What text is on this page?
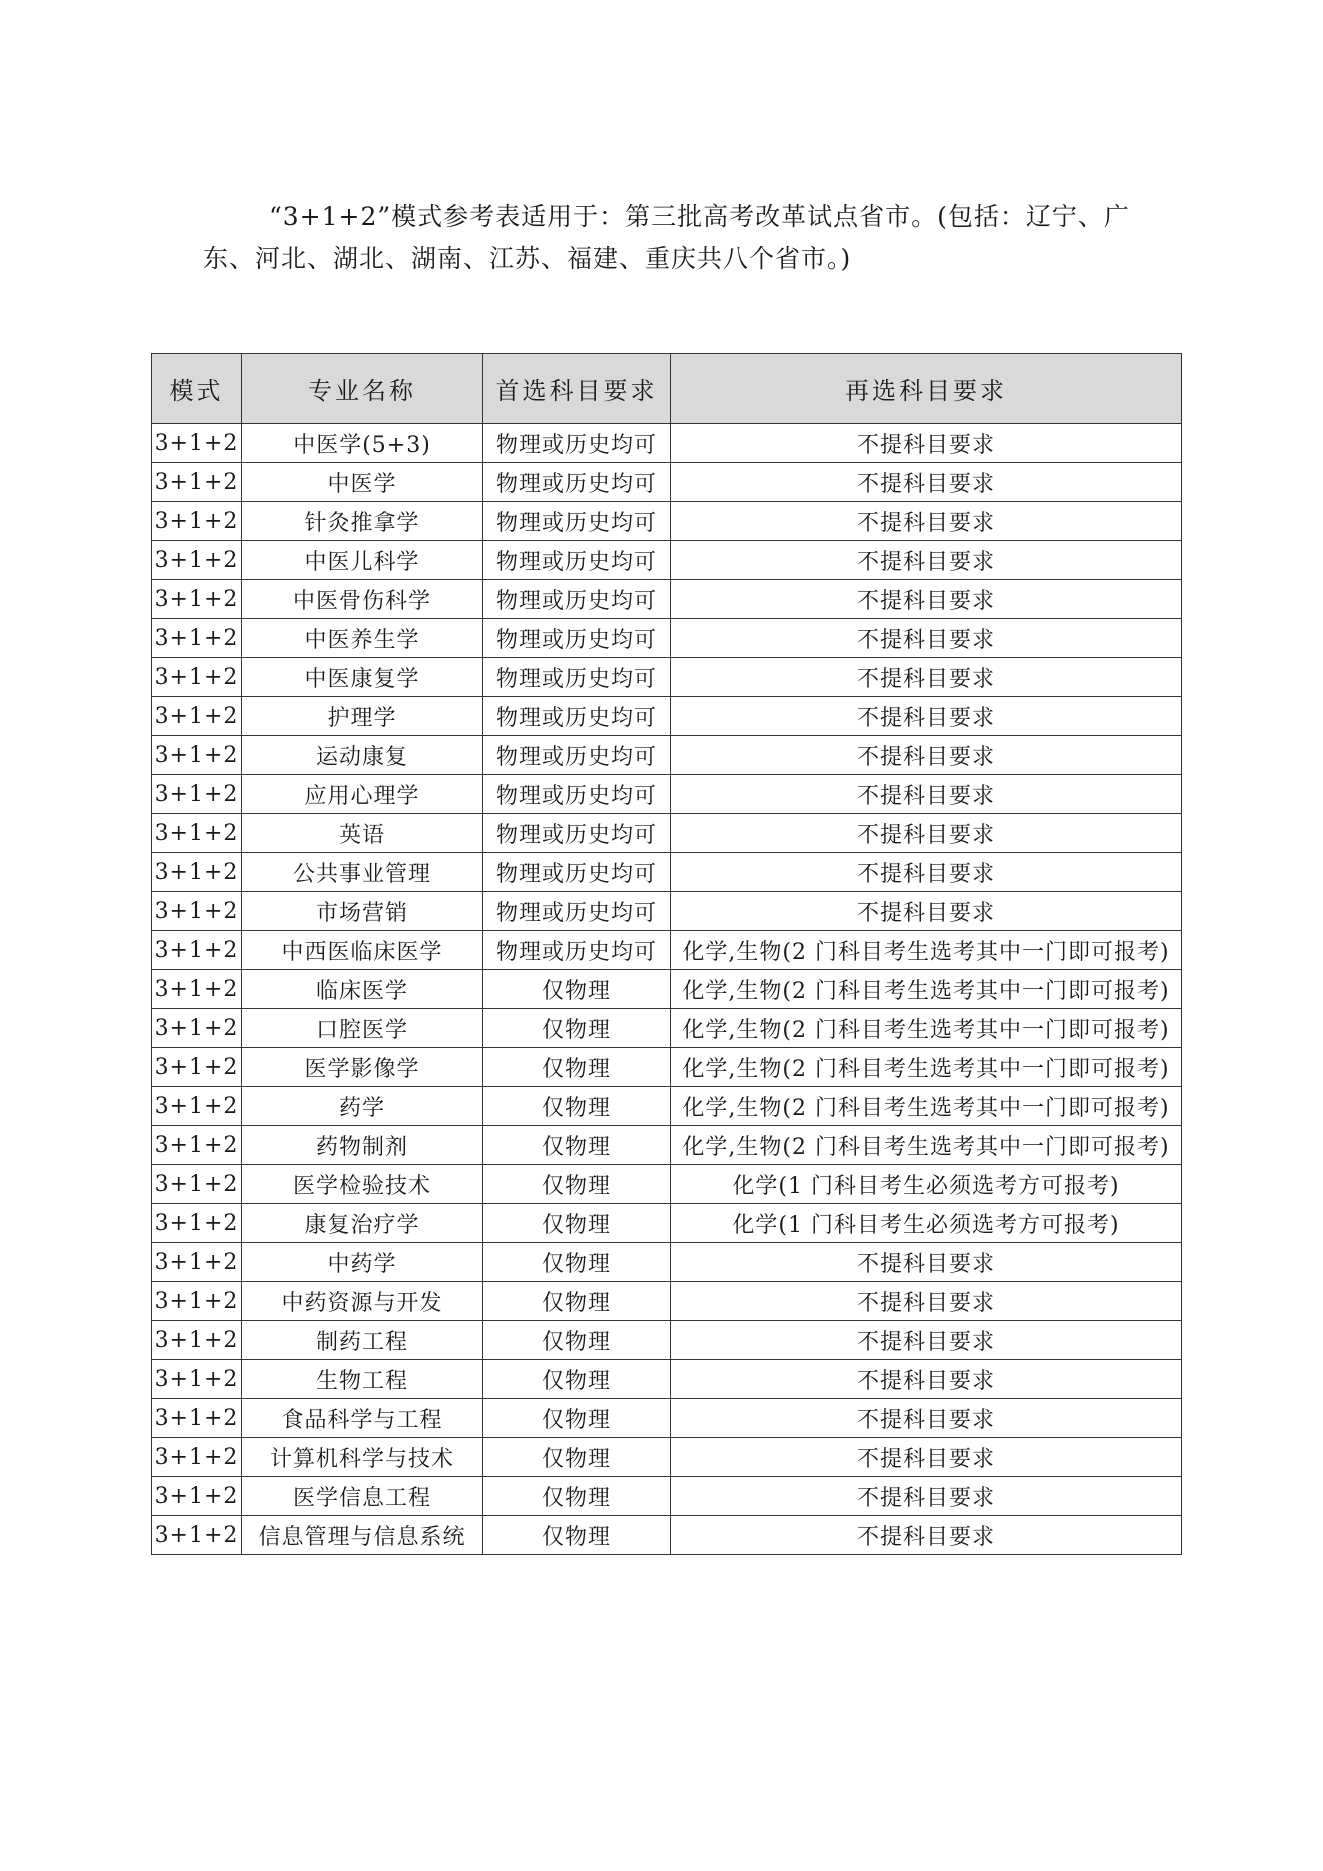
“3+1+2”模式参考表适用于：第三批高考改革试点省市。(包括：辽宁、广东、河北、湖北、湖南、江苏、福建、重庆共八个省市。)

模式	专业名称	首选科目要求	再选科目要求
3+1+2	中医学(5+3)	物理或历史均可	不提科目要求
3+1+2	中医学	物理或历史均可	不提科目要求
3+1+2	针灸推拿学	物理或历史均可	不提科目要求
3+1+2	中医儿科学	物理或历史均可	不提科目要求
3+1+2	中医骨伤科学	物理或历史均可	不提科目要求
3+1+2	中医养生学	物理或历史均可	不提科目要求
3+1+2	中医康复学	物理或历史均可	不提科目要求
3+1+2	护理学	物理或历史均可	不提科目要求
3+1+2	运动康复	物理或历史均可	不提科目要求
3+1+2	应用心理学	物理或历史均可	不提科目要求
3+1+2	英语	物理或历史均可	不提科目要求
3+1+2	公共事业管理	物理或历史均可	不提科目要求
3+1+2	市场营销	物理或历史均可	不提科目要求
3+1+2	中西医临床医学	物理或历史均可	化学,生物(2 门科目考生选考其中一门即可报考)
3+1+2	临床医学	仅物理	化学,生物(2 门科目考生选考其中一门即可报考)
3+1+2	口腔医学	仅物理	化学,生物(2 门科目考生选考其中一门即可报考)
3+1+2	医学影像学	仅物理	化学,生物(2 门科目考生选考其中一门即可报考)
3+1+2	药学	仅物理	化学,生物(2 门科目考生选考其中一门即可报考)
3+1+2	药物制剂	仅物理	化学,生物(2 门科目考生选考其中一门即可报考)
3+1+2	医学检验技术	仅物理	化学(1 门科目考生必须选考方可报考)
3+1+2	康复治疗学	仅物理	化学(1 门科目考生必须选考方可报考)
3+1+2	中药学	仅物理	不提科目要求
3+1+2	中药资源与开发	仅物理	不提科目要求
3+1+2	制药工程	仅物理	不提科目要求
3+1+2	生物工程	仅物理	不提科目要求
3+1+2	食品科学与工程	仅物理	不提科目要求
3+1+2	计算机科学与技术	仅物理	不提科目要求
3+1+2	医学信息工程	仅物理	不提科目要求
3+1+2	信息管理与信息系统	仅物理	不提科目要求
